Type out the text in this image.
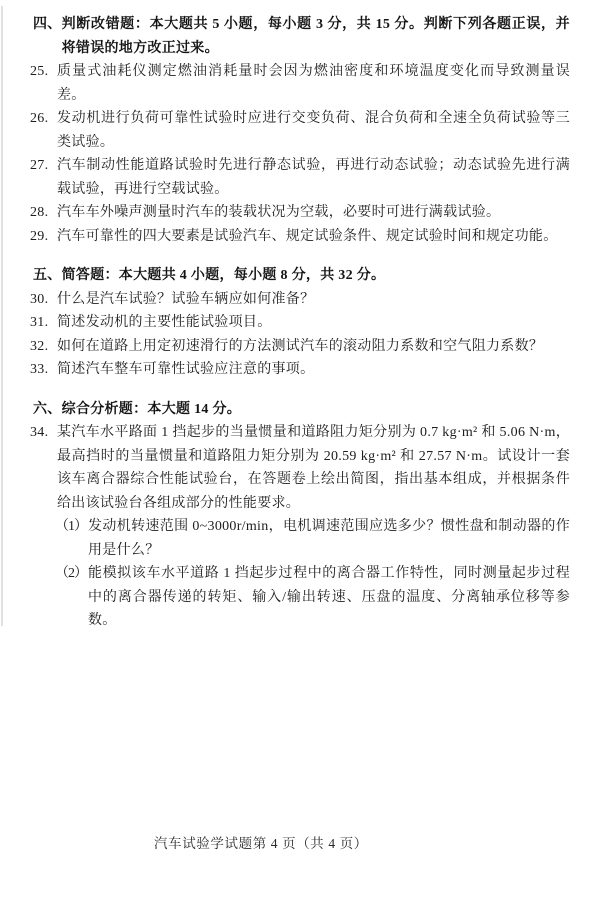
四、 判断改错题：本大题共 5 小题，每小题 3 分，共 15 分。判断下列各题正误，并将错误的地方改正过来。
25. 质量式油耗仪测定燃油消耗量时会因为燃油密度和环境温度变化而导致测量误差。
26. 发动机进行负荷可靠性试验时应进行交变负荷、混合负荷和全速全负荷试验等三类试验。
27. 汽车制动性能道路试验时先进行静态试验，再进行动态试验；动态试验先进行满载试验，再进行空载试验。
28. 汽车车外噪声测量时汽车的装载状况为空载，必要时可进行满载试验。
29. 汽车可靠性的四大要素是试验汽车、规定试验条件、规定试验时间和规定功能。
五、 简答题：本大题共 4 小题，每小题 8 分，共 32 分。
30. 什么是汽车试验？试验车辆应如何准备？
31. 简述发动机的主要性能试验项目。
32. 如何在道路上用定初速滑行的方法测试汽车的滚动阻力系数和空气阻力系数？
33. 简述汽车整车可靠性试验应注意的事项。
六、 综合分析题：本大题 14 分。
34. 某汽车水平路面 1 挡起步的当量惯量和道路阻力矩分别为 0.7 kg·m² 和 5.06 N·m，最高挡时的当量惯量和道路阻力矩分别为 20.59 kg·m² 和 27.57 N·m。试设计一套该车离合器综合性能试验台，在答题卷上绘出简图，指出基本组成，并根据条件给出该试验台各组成部分的性能要求。
（1） 发动机转速范围 0~3000r/min，电机调速范围应选多少？惯性盘和制动器的作用是什么？
（2） 能模拟该车水平道路 1 挡起步过程中的离合器工作特性，同时测量起步过程中的离合器传递的转矩、输入/输出转速、压盘的温度、分离轴承位移等参数。
汽车试验学试题第 4 页（共 4 页）
